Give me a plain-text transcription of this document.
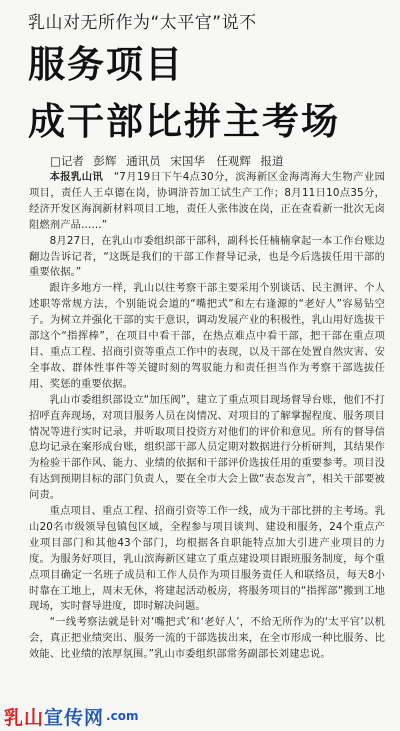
乳山对无所作为“太平官”说不
服务项目
成干部比拼主考场
□记者 彭辉 通讯员 宋国华　任观辉 报道

本报乳山讯　 “7月19日下午4点30分，滨海新区金海湾海大生物产业园项目，责任人王卓德在岗，协调浒苔加工试生产工作；8月11日10点35分，经济开发区海润新材料项目工地，责任人张伟波在岗，正在查看新一批次无卤阻燃剂产品……”

8月27日，在乳山市委组织部干部科，副科长任楠楠拿起一本工作台账边翻边告诉记者，“这既是我们的干部工作督导记录，也是今后选拔任用干部的重要依据。”

跟许多地方一样，乳山以往考察干部主要采用个别谈话、民主测评、个人述职等常规方法，个别能说会道的“嘴把式”和左右逢源的“老好人”容易钻空子。为树立并强化干部的实干意识，调动发展产业的积极性，乳山用好选拔干部这个“指挥棒”，在项目中看干部，在热点难点中看干部，把干部在重点项目、重点工程、招商引资等重点工作中的表现，以及干部在处置自然灾害、安全事故、群体性事件等关键时刻的驾驭能力和责任担当作为考察干部选拔任用、奖惩的重要依据。

乳山市委组织部设立“加压阀”，建立了重点项目现场督导台账，他们不打招呼直奔现场，对项目服务人员在岗情况、对项目的了解掌握程度、服务项目情况等进行实时记录，并听取项目投资方对他们的评价和意见。所有的督导信息均记录在案形成台账，组织部干部人员定期对数据进行分析研判，其结果作为检验干部作风、能力、业绩的依据和干部评价选拔任用的重要参考。项目没有达到预期目标的部门负责人，要在全市大会上做“表态发言”，相关干部要被问责。

重点项目、重点工程、招商引资等工作一线，成为干部比拼的主考场。乳山20名市级领导包镇包区域，全程参与项目谈判、建设和服务，24个重点产业项目部门和其他43个部门，均根据各自职能特点加大引进产业项目的力度。为服务好项目，乳山滨海新区建立了重点建设项目跟班服务制度，每个重点项目确定一名班子成员和工作人员作为项目服务责任人和联络员，每天8小时靠在工地上，周末无休，将建起活动板房，将服务项目的“指挥部”搬到工地现场，实时督导进度，即时解决问题。

“一线考察法就是针对‘嘴把式’和‘老好人’，不给无所作为的‘太平官’以机会，真正把业绩突出、服务一流的干部选拔出来，在全市形成一种比服务、比效能、比业绩的浓厚氛围。”乳山市委组织部常务副部长刘建忠说。

乳山 宣传网 .com
